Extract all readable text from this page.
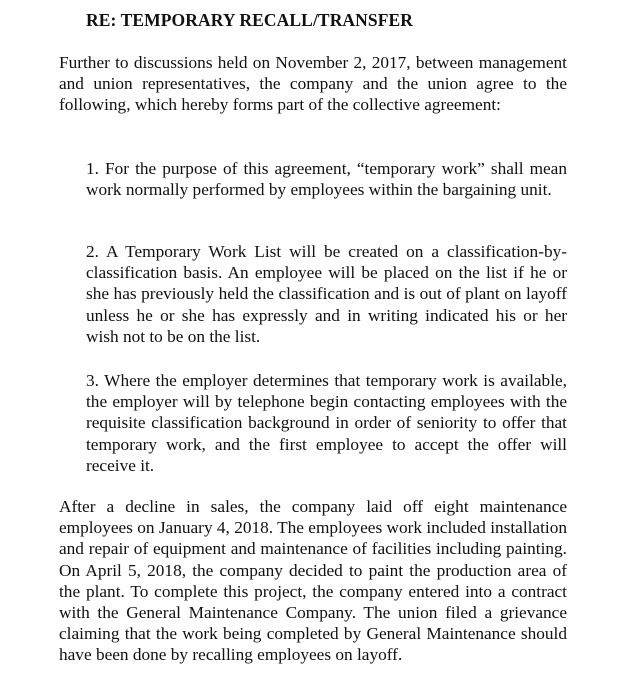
RE: TEMPORARY RECALL/TRANSFER

Further to discussions held on November 2, 2017, between management and union representatives, the company and the union agree to the following, which hereby forms part of the collective agreement:

1. For the purpose of this agreement, “temporary work” shall mean work normally performed by employees within the bargaining unit.

2. A Temporary Work List will be created on a classification-by-classification basis. An employee will be placed on the list if he or she has previously held the classification and is out of plant on layoff unless he or she has expressly and in writing indicated his or her wish not to be on the list.

3. Where the employer determines that temporary work is available, the employer will by telephone begin contacting employees with the requisite classification background in order of seniority to offer that temporary work, and the first employee to accept the offer will receive it.

After a decline in sales, the company laid off eight maintenance employees on January 4, 2018. The employees work included installation and repair of equipment and maintenance of facilities including painting. On April 5, 2018, the company decided to paint the production area of the plant. To complete this project, the company entered into a contract with the General Maintenance Company. The union filed a grievance claiming that the work being completed by General Maintenance should have been done by recalling employees on layoff.
